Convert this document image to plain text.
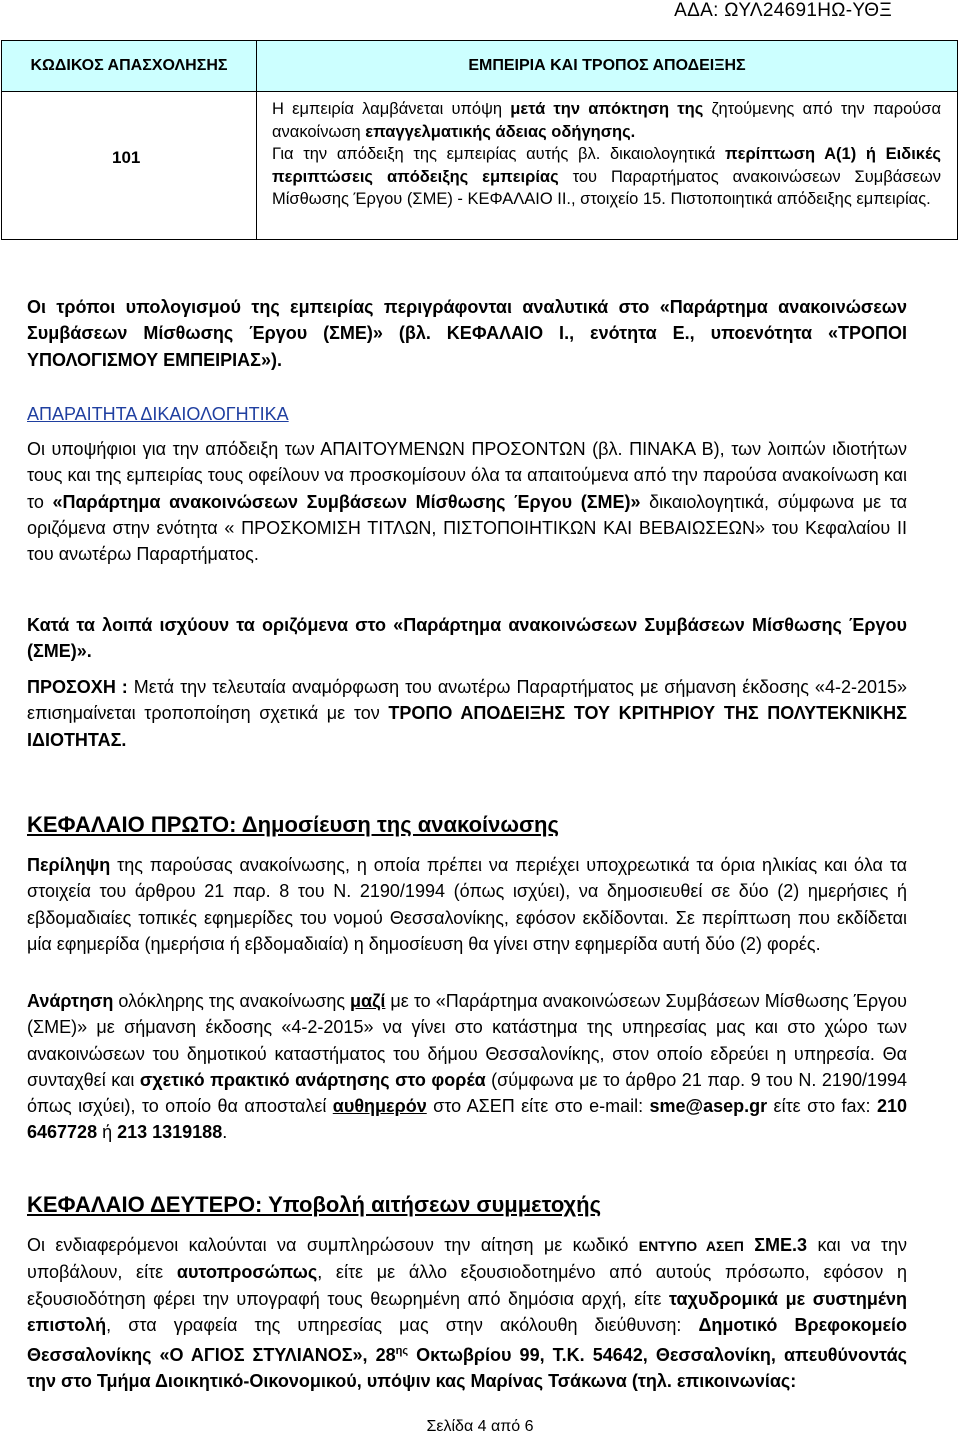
ΑΔΑ: ΩΥΛ24691ΗΩ-ΥΘΞ
ΚΩΔΙΚΟΣ ΑΠΑΣΧΟΛΗΣΗΣ	ΕΜΠΕΙΡΙΑ ΚΑΙ ΤΡΟΠΟΣ ΑΠΟΔΕΙΞΗΣ
101	Η εμπειρία λαμβάνεται υπόψη μετά την απόκτηση της ζητούμενης από την παρούσα ανακοίνωση επαγγελματικής άδειας οδήγησης.
Για την απόδειξη της εμπειρίας αυτής βλ. δικαιολογητικά περίπτωση Α(1) ή Ειδικές περιπτώσεις απόδειξης εμπειρίας του Παραρτήματος ανακοινώσεων Συμβάσεων Μίσθωσης Έργου (ΣΜΕ) - ΚΕΦΑΛΑΙΟ ΙΙ., στοιχείο 15. Πιστοποιητικά απόδειξης εμπειρίας.

Οι τρόποι υπολογισμού της εμπειρίας περιγράφονται αναλυτικά στο «Παράρτημα ανακοινώσεων Συμβάσεων Μίσθωσης Έργου (ΣΜΕ)» (βλ. ΚΕΦΑΛΑΙΟ Ι., ενότητα Ε., υποενότητα «ΤΡΟΠΟΙ ΥΠΟΛΟΓΙΣΜΟΥ ΕΜΠΕΙΡΙΑΣ»).

ΑΠΑΡΑΙΤΗΤΑ ΔΙΚΑΙΟΛΟΓΗΤΙΚΑ

Οι υποψήφιοι για την απόδειξη των ΑΠΑΙΤΟΥΜΕΝΩΝ ΠΡΟΣΟΝΤΩΝ (βλ. ΠΙΝΑΚΑ Β), των λοιπών ιδιοτήτων τους και της εμπειρίας τους οφείλουν να προσκομίσουν όλα τα απαιτούμενα από την παρούσα ανακοίνωση και το «Παράρτημα ανακοινώσεων Συμβάσεων Μίσθωσης Έργου (ΣΜΕ)» δικαιολογητικά, σύμφωνα με τα οριζόμενα στην ενότητα « ΠΡΟΣΚΟΜΙΣΗ ΤΙΤΛΩΝ, ΠΙΣΤΟΠΟΙΗΤΙΚΩΝ ΚΑΙ ΒΕΒΑΙΩΣΕΩΝ» του Κεφαλαίου ΙΙ του ανωτέρω Παραρτήματος.

Κατά τα λοιπά ισχύουν τα οριζόμενα στο «Παράρτημα ανακοινώσεων Συμβάσεων Μίσθωσης Έργου (ΣΜΕ)».

ΠΡΟΣΟΧΗ : Μετά την τελευταία αναμόρφωση του ανωτέρω Παραρτήματος με σήμανση έκδοσης «4-2-2015» επισημαίνεται τροποποίηση σχετικά με τον ΤΡΟΠΟ ΑΠΟΔΕΙΞΗΣ ΤΟΥ ΚΡΙΤΗΡΙΟΥ ΤΗΣ ΠΟΛΥΤΕΚΝΙΚΗΣ ΙΔΙΟΤΗΤΑΣ.

ΚΕΦΑΛΑΙΟ ΠΡΩΤΟ: Δημοσίευση της ανακοίνωσης

Περίληψη της παρούσας ανακοίνωσης, η οποία πρέπει να περιέχει υποχρεωτικά τα όρια ηλικίας και όλα τα στοιχεία του άρθρου 21 παρ. 8 του Ν. 2190/1994 (όπως ισχύει), να δημοσιευθεί σε δύο (2) ημερήσιες ή εβδομαδιαίες τοπικές εφημερίδες του νομού Θεσσαλονίκης, εφόσον εκδίδονται. Σε περίπτωση που εκδίδεται μία εφημερίδα (ημερήσια ή εβδομαδιαία) η δημοσίευση θα γίνει στην εφημερίδα αυτή δύο (2) φορές.

Ανάρτηση ολόκληρης της ανακοίνωσης μαζί με το «Παράρτημα ανακοινώσεων Συμβάσεων Μίσθωσης Έργου (ΣΜΕ)» με σήμανση έκδοσης «4-2-2015» να γίνει στο κατάστημα της υπηρεσίας μας και στο χώρο των ανακοινώσεων του δημοτικού καταστήματος του δήμου Θεσσαλονίκης, στον οποίο εδρεύει η υπηρεσία. Θα συνταχθεί και σχετικό πρακτικό ανάρτησης στο φορέα (σύμφωνα με το άρθρο 21 παρ. 9 του Ν. 2190/1994 όπως ισχύει), το οποίο θα αποσταλεί αυθημερόν στο ΑΣΕΠ είτε στο e-mail: sme@asep.gr είτε στο fax: 210 6467728 ή 213 1319188.

ΚΕΦΑΛΑΙΟ ΔΕΥΤΕΡΟ: Υποβολή αιτήσεων συμμετοχής

Οι ενδιαφερόμενοι καλούνται να συμπληρώσουν την αίτηση με κωδικό ΕΝΤΥΠΟ ΑΣΕΠ ΣΜΕ.3 και να την υποβάλουν, είτε αυτοπροσώπως, είτε με άλλο εξουσιοδοτημένο από αυτούς πρόσωπο, εφόσον η εξουσιοδότηση φέρει την υπογραφή τους θεωρημένη από δημόσια αρχή, είτε ταχυδρομικά με συστημένη επιστολή, στα γραφεία της υπηρεσίας μας στην ακόλουθη διεύθυνση: Δημοτικό Βρεφοκομείο Θεσσαλονίκης «Ο ΑΓΙΟΣ ΣΤΥΛΙΑΝΟΣ», $28^{\eta\varsigma}$ Οκτωβρίου 99, Τ.Κ. 54642, Θεσσαλονίκη, απευθύνοντάς την στο Τμήμα Διοικητικό-Οικονομικού, υπόψιν κας Μαρίνας Τσάκωνα (τηλ. επικοινωνίας:

Σελίδα 4 από 6
